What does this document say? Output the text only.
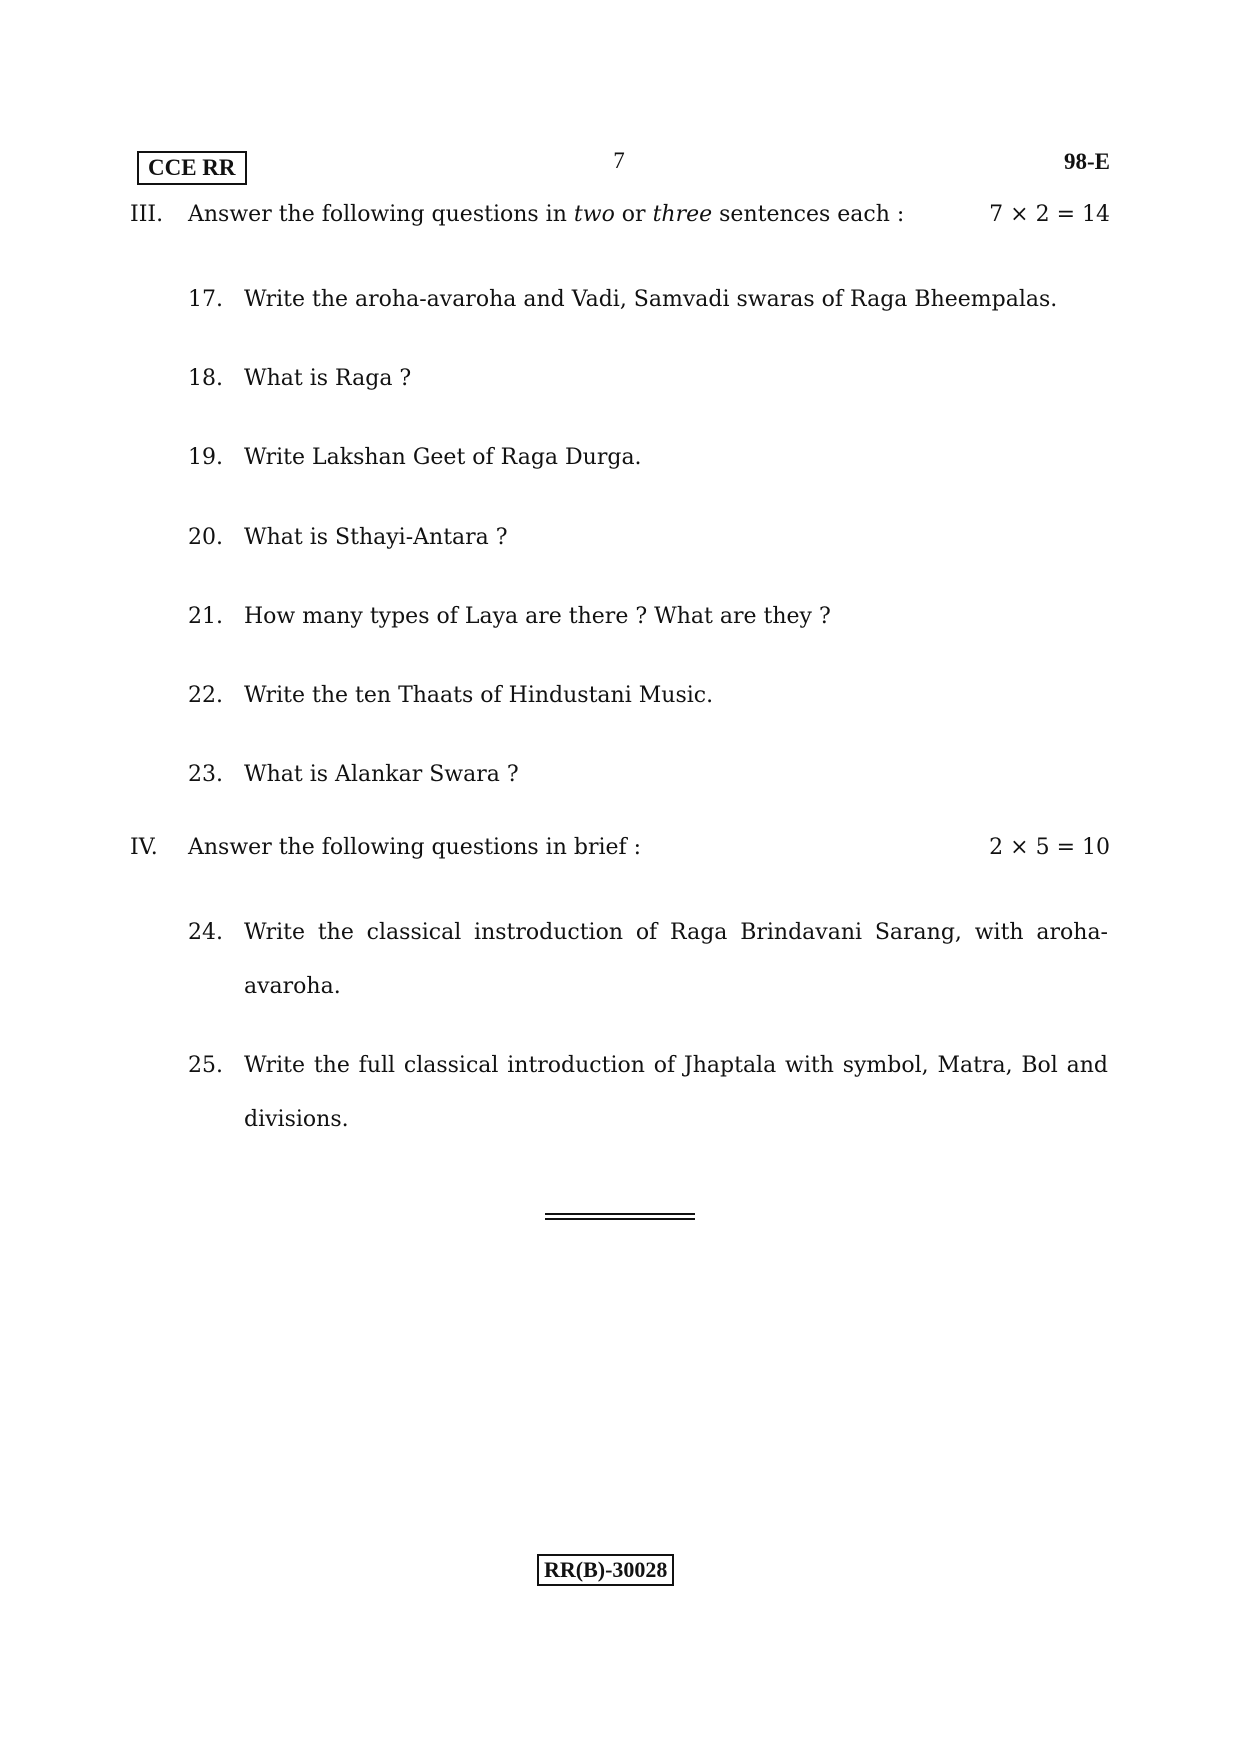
CCE RR	7	98-E
III. Answer the following questions in two or three sentences each :	7 × 2 = 14
17. Write the aroha-avaroha and Vadi, Samvadi swaras of Raga Bheempalas.
18. What is Raga ?
19. Write Lakshan Geet of Raga Durga.
20. What is Sthayi-Antara ?
21. How many types of Laya are there ? What are they ?
22. Write the ten Thaats of Hindustani Music.
23. What is Alankar Swara ?
IV. Answer the following questions in brief :	2 × 5 = 10
24. Write the classical instroduction of Raga Brindavani Sarang, with aroha-avaroha.
25. Write the full classical introduction of Jhaptala with symbol, Matra, Bol and divisions.
RR(B)-30028
